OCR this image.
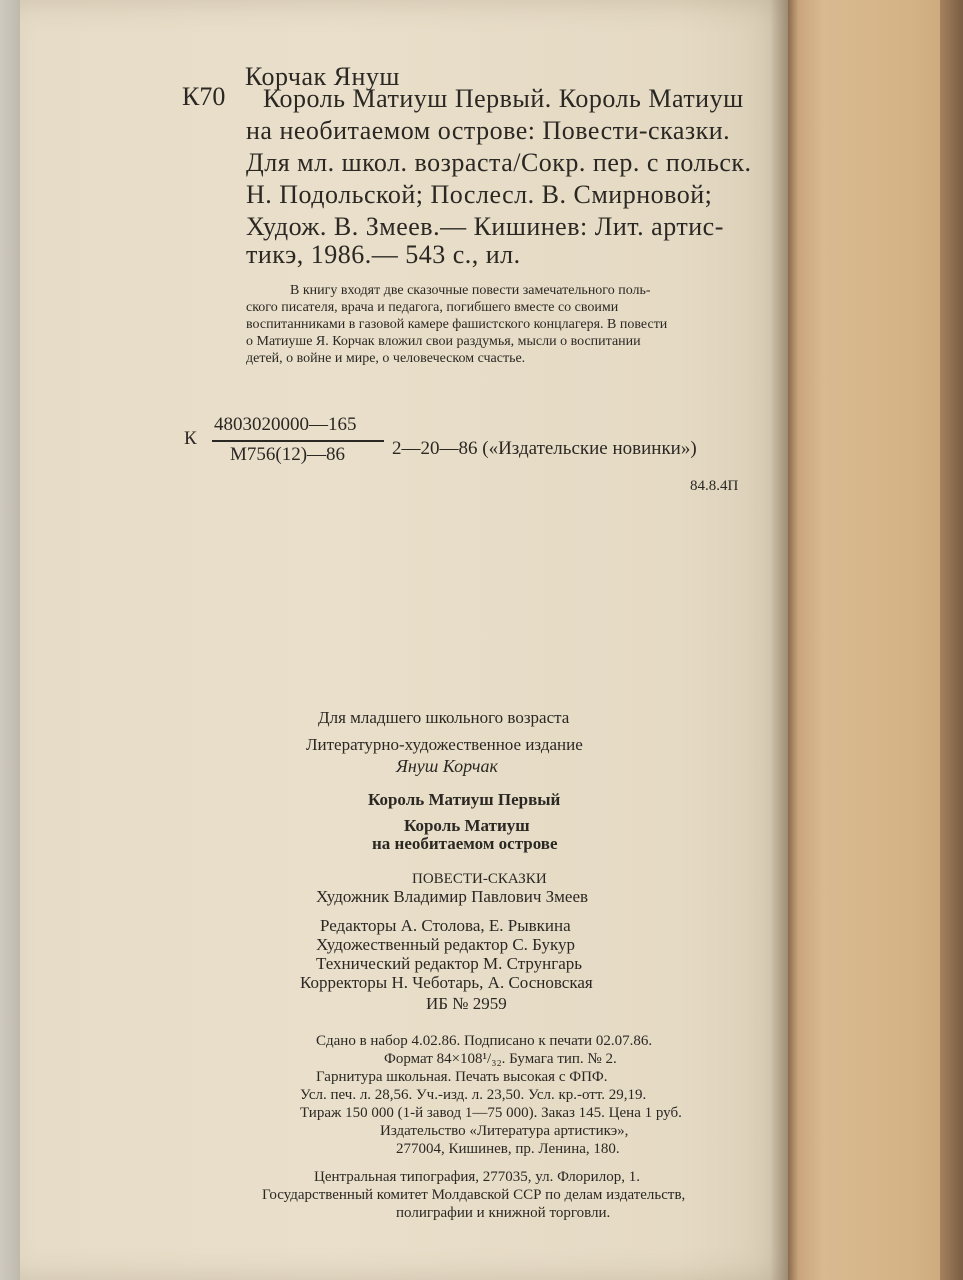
Корчак Януш
К70 Король Матиуш Первый. Король Матиуш
на необитаемом острове: Повести-сказки.
Для мл. школ. возраста/Сокр. пер. с польск.
Н. Подольской; Послесл. В. Смирновой;
Худож. В. Змеев.— Кишинев: Лит. артис-
тикэ, 1986.— 543 с., ил.
В книгу входят две сказочные повести замечательного поль-
ского писателя, врача и педагога, погибшего вместе со своими
воспитанниками в газовой камере фашистского концлагеря. В повести
о Матиуше Я. Корчак вложил свои раздумья, мысли о воспитании
детей, о войне и мире, о человеческом счастье.
К
4803020000—165
М756(12)—86 2—20—86 («Издательские новинки»)
84.8.4П
Для младшего школьного возраста
Литературно-художественное издание
Януш Корчак
Король Матиуш Первый
Король Матиуш
на необитаемом острове
ПОВЕСТИ-СКАЗКИ
Художник Владимир Павлович Змеев
Редакторы А. Столова, Е. Рывкина
Художественный редактор С. Букур
Технический редактор М. Струнгарь
Корректоры Н. Чеботарь, А. Сосновская
ИБ № 2959
Сдано в набор 4.02.86. Подписано к печати 02.07.86.
Формат 84×108¹/₃₂. Бумага тип. № 2.
Гарнитура школьная. Печать высокая с ФПФ.
Усл. печ. л. 28,56. Уч.-изд. л. 23,50. Усл. кр.-отт. 29,19.
Тираж 150 000 (1-й завод 1—75 000). Заказ 145. Цена 1 руб.
Издательство «Литература артистикэ»,
277004, Кишинев, пр. Ленина, 180.
Центральная типография, 277035, ул. Флорилор, 1.
Государственный комитет Молдавской ССР по делам издательств,
полиграфии и книжной торговли.
